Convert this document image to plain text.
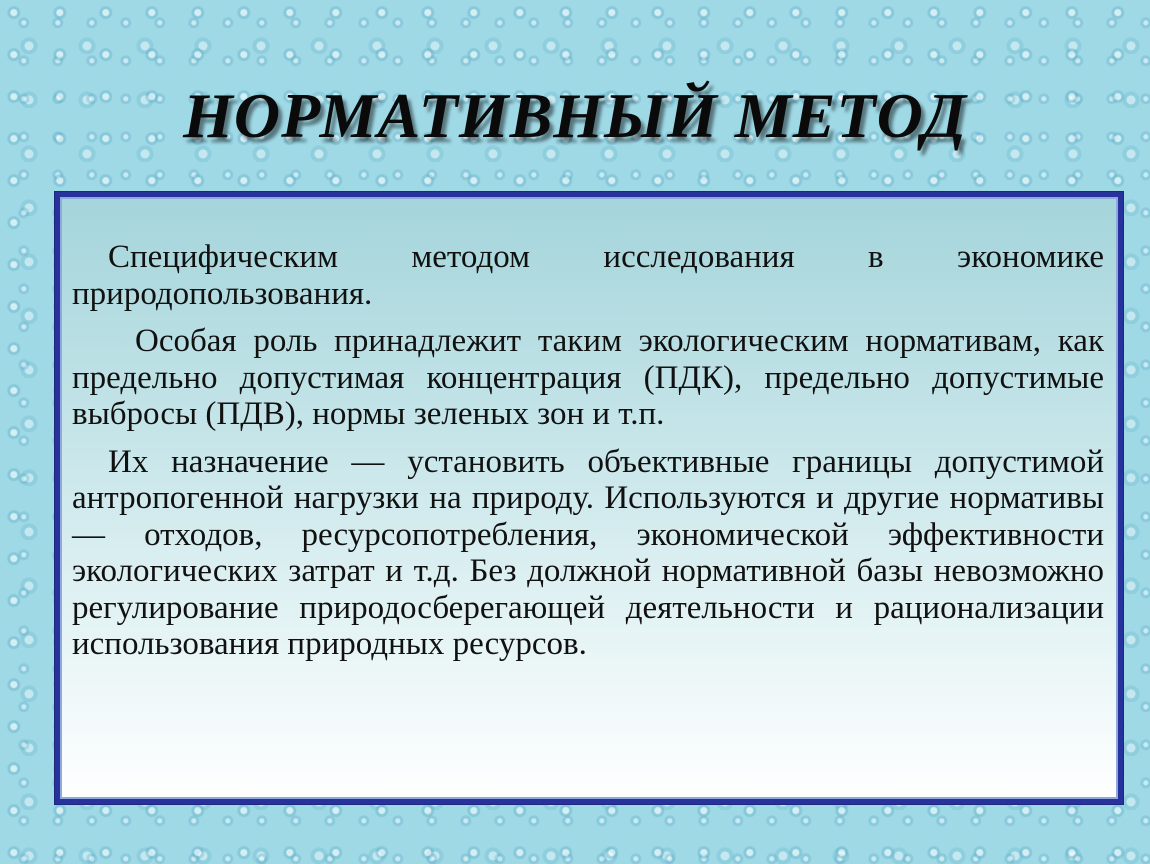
НОРМАТИВНЫЙ МЕТОД

Специфическим методом исследования в экономике природопользования.

Особая роль принадлежит таким экологическим нормативам, как предельно допустимая концентрация (ПДК), предельно допустимые выбросы (ПДВ), нормы зеленых зон и т.п.

Их назначение — установить объективные границы допустимой антропогенной нагрузки на природу. Используются и другие нормативы — отходов, ресурсопотребления, экономической эффективности экологических затрат и т.д. Без должной нормативной базы невозможно регулирование природосберегающей деятельности и рационализации использования природных ресурсов.
